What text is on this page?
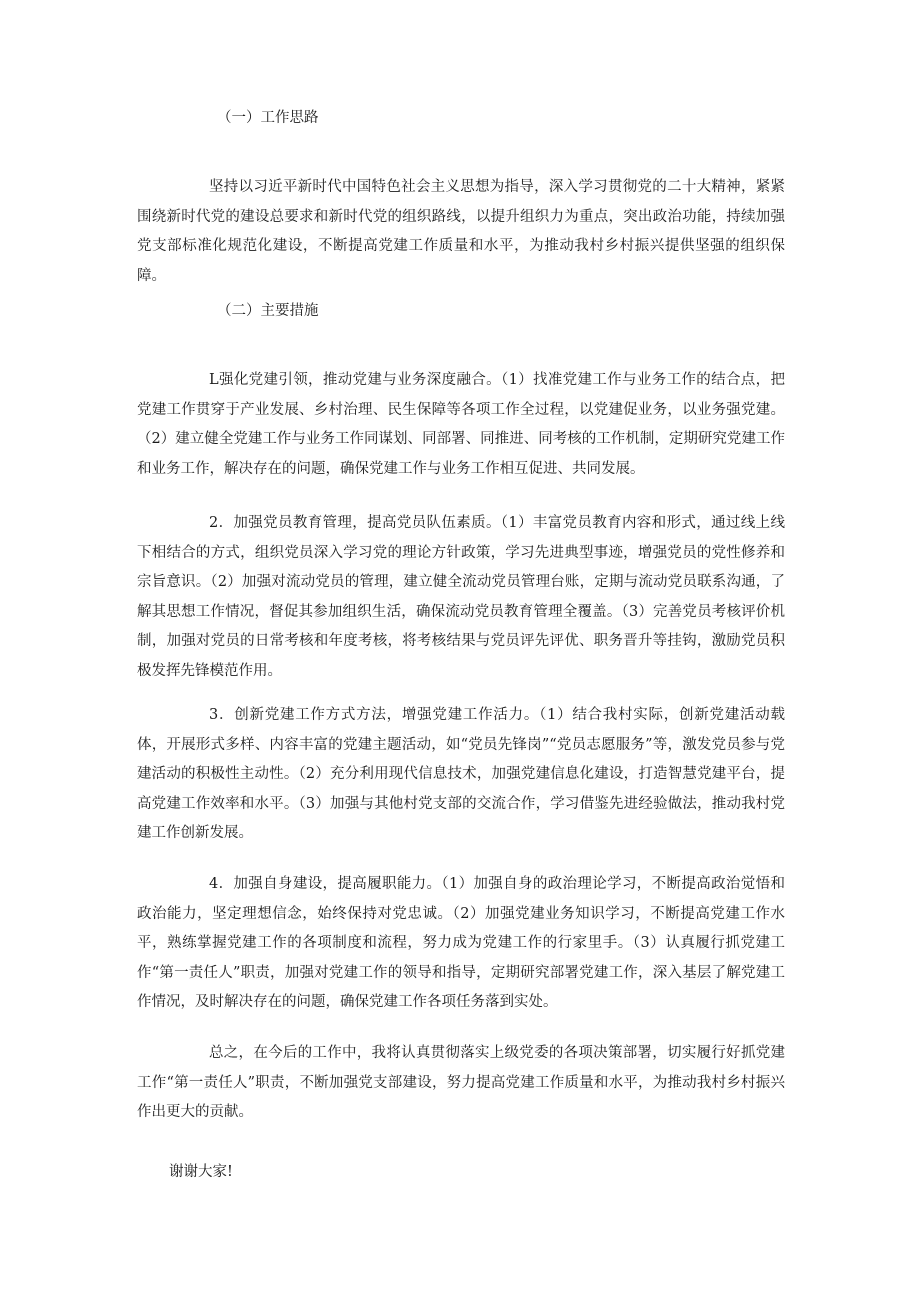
（一）工作思路

坚持以习近平新时代中国特色社会主义思想为指导，深入学习贯彻党的二十大精神，紧紧围绕新时代党的建设总要求和新时代党的组织路线，以提升组织力为重点，突出政治功能，持续加强党支部标准化规范化建设，不断提高党建工作质量和水平，为推动我村乡村振兴提供坚强的组织保障。

（二）主要措施

L强化党建引领，推动党建与业务深度融合。（1）找准党建工作与业务工作的结合点，把党建工作贯穿于产业发展、乡村治理、民生保障等各项工作全过程，以党建促业务，以业务强党建。（2）建立健全党建工作与业务工作同谋划、同部署、同推进、同考核的工作机制，定期研究党建工作和业务工作，解决存在的问题，确保党建工作与业务工作相互促进、共同发展。

2．加强党员教育管理，提高党员队伍素质。（1）丰富党员教育内容和形式，通过线上线下相结合的方式，组织党员深入学习党的理论方针政策，学习先进典型事迹，增强党员的党性修养和宗旨意识。（2）加强对流动党员的管理，建立健全流动党员管理台账，定期与流动党员联系沟通，了解其思想工作情况，督促其参加组织生活，确保流动党员教育管理全覆盖。（3）完善党员考核评价机制，加强对党员的日常考核和年度考核，将考核结果与党员评先评优、职务晋升等挂钩，激励党员积极发挥先锋模范作用。

3．创新党建工作方式方法，增强党建工作活力。（1）结合我村实际，创新党建活动载体，开展形式多样、内容丰富的党建主题活动，如“党员先锋岗”“党员志愿服务”等，激发党员参与党建活动的积极性主动性。（2）充分利用现代信息技术，加强党建信息化建设，打造智慧党建平台，提高党建工作效率和水平。（3）加强与其他村党支部的交流合作，学习借鉴先进经验做法，推动我村党建工作创新发展。

4．加强自身建设，提高履职能力。（1）加强自身的政治理论学习，不断提高政治觉悟和政治能力，坚定理想信念，始终保持对党忠诚。（2）加强党建业务知识学习，不断提高党建工作水平，熟练掌握党建工作的各项制度和流程，努力成为党建工作的行家里手。（3）认真履行抓党建工作“第一责任人”职责，加强对党建工作的领导和指导，定期研究部署党建工作，深入基层了解党建工作情况，及时解决存在的问题，确保党建工作各项任务落到实处。

总之，在今后的工作中，我将认真贯彻落实上级党委的各项决策部署，切实履行好抓党建工作“第一责任人”职责，不断加强党支部建设，努力提高党建工作质量和水平，为推动我村乡村振兴作出更大的贡献。

谢谢大家!
